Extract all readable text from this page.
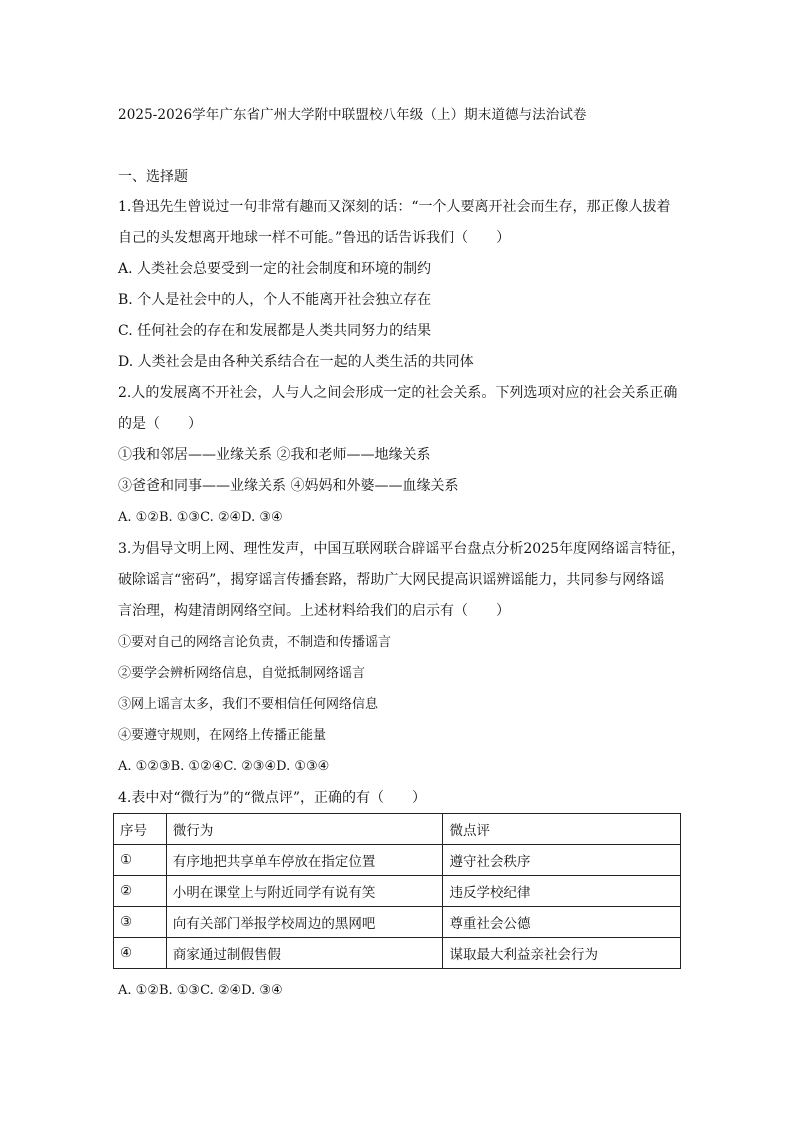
2025-2026学年广东省广州大学附中联盟校八年级（上）期末道德与法治试卷
一、选择题
1.鲁迅先生曾说过一句非常有趣而又深刻的话：“一个人要离开社会而生存，那正像人拔着
自己的头发想离开地球一样不可能。”鲁迅的话告诉我们（　　）
A. 人类社会总要受到一定的社会制度和环境的制约
B. 个人是社会中的人，个人不能离开社会独立存在
C. 任何社会的存在和发展都是人类共同努力的结果
D. 人类社会是由各种关系结合在一起的人类生活的共同体
2.人的发展离不开社会，人与人之间会形成一定的社会关系。下列选项对应的社会关系正确
的是（　　）
①我和邻居——业缘关系 ②我和老师——地缘关系
③爸爸和同事——业缘关系 ④妈妈和外婆——血缘关系
A. ①②B. ①③C. ②④D. ③④
3.为倡导文明上网、理性发声，中国互联网联合辟谣平台盘点分析2025年度网络谣言特征，
破除谣言“密码”，揭穿谣言传播套路，帮助广大网民提高识谣辨谣能力，共同参与网络谣
言治理，构建清朗网络空间。上述材料给我们的启示有（　　）
①要对自己的网络言论负责，不制造和传播谣言
②要学会辨析网络信息，自觉抵制网络谣言
③网上谣言太多，我们不要相信任何网络信息
④要遵守规则，在网络上传播正能量
A. ①②③B. ①②④C. ②③④D. ①③④
4.表中对“微行为”的“微点评”，正确的有（　　）
序号	微行为	微点评
①	有序地把共享单车停放在指定位置	遵守社会秩序
②	小明在课堂上与附近同学有说有笑	违反学校纪律
③	向有关部门举报学校周边的黑网吧	尊重社会公德
④	商家通过制假售假	谋取最大利益亲社会行为
A. ①②B. ①③C. ②④D. ③④
